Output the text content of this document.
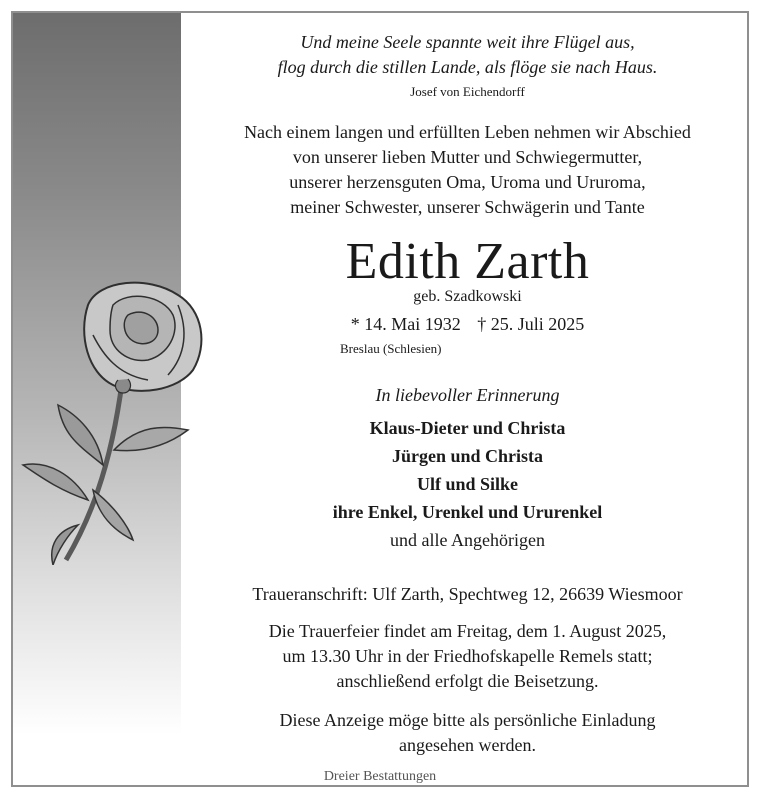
Und meine Seele spannte weit ihre Flügel aus,
flog durch die stillen Lande, als flöge sie nach Haus.
Josef von Eichendorff
Nach einem langen und erfüllten Leben nehmen wir Abschied
von unserer lieben Mutter und Schwiegermutter,
unserer herzensguten Oma, Uroma und Ururoma,
meiner Schwester, unserer Schwägerin und Tante
Edith Zarth
geb. Szadkowski
* 14. Mai 1932 † 25. Juli 2025
Breslau (Schlesien)
In liebevoller Erinnerung
Klaus-Dieter und Christa
Jürgen und Christa
Ulf und Silke
ihre Enkel, Urenkel und Ururenkel
und alle Angehörigen
Traueranschrift: Ulf Zarth, Spechtweg 12, 26639 Wiesmoor
Die Trauerfeier findet am Freitag, dem 1. August 2025,
um 13.30 Uhr in der Friedhofskapelle Remels statt;
anschließend erfolgt die Beisetzung.
Diese Anzeige möge bitte als persönliche Einladung
angesehen werden.
Dreier Bestattungen
